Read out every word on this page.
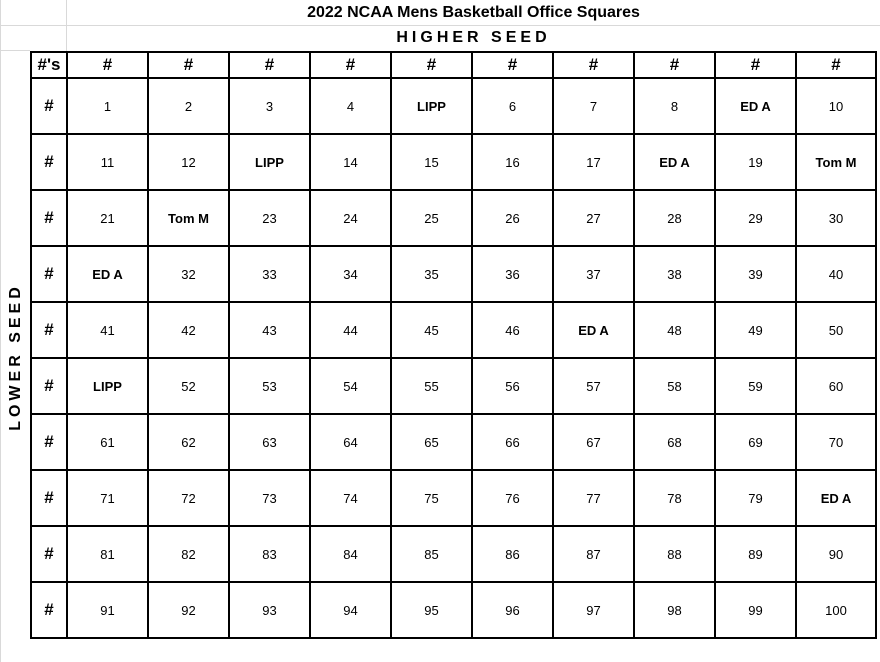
2022 NCAA Mens Basketball Office Squares
HIGHER SEED
LOWER SEED
#'s	#	#	#	#	#	#	#	#	#	#
#	1	2	3	4	LIPP	6	7	8	ED A	10
#	11	12	LIPP	14	15	16	17	ED A	19	Tom M
#	21	Tom M	23	24	25	26	27	28	29	30
#	ED A	32	33	34	35	36	37	38	39	40
#	41	42	43	44	45	46	ED A	48	49	50
#	LIPP	52	53	54	55	56	57	58	59	60
#	61	62	63	64	65	66	67	68	69	70
#	71	72	73	74	75	76	77	78	79	ED A
#	81	82	83	84	85	86	87	88	89	90
#	91	92	93	94	95	96	97	98	99	100
